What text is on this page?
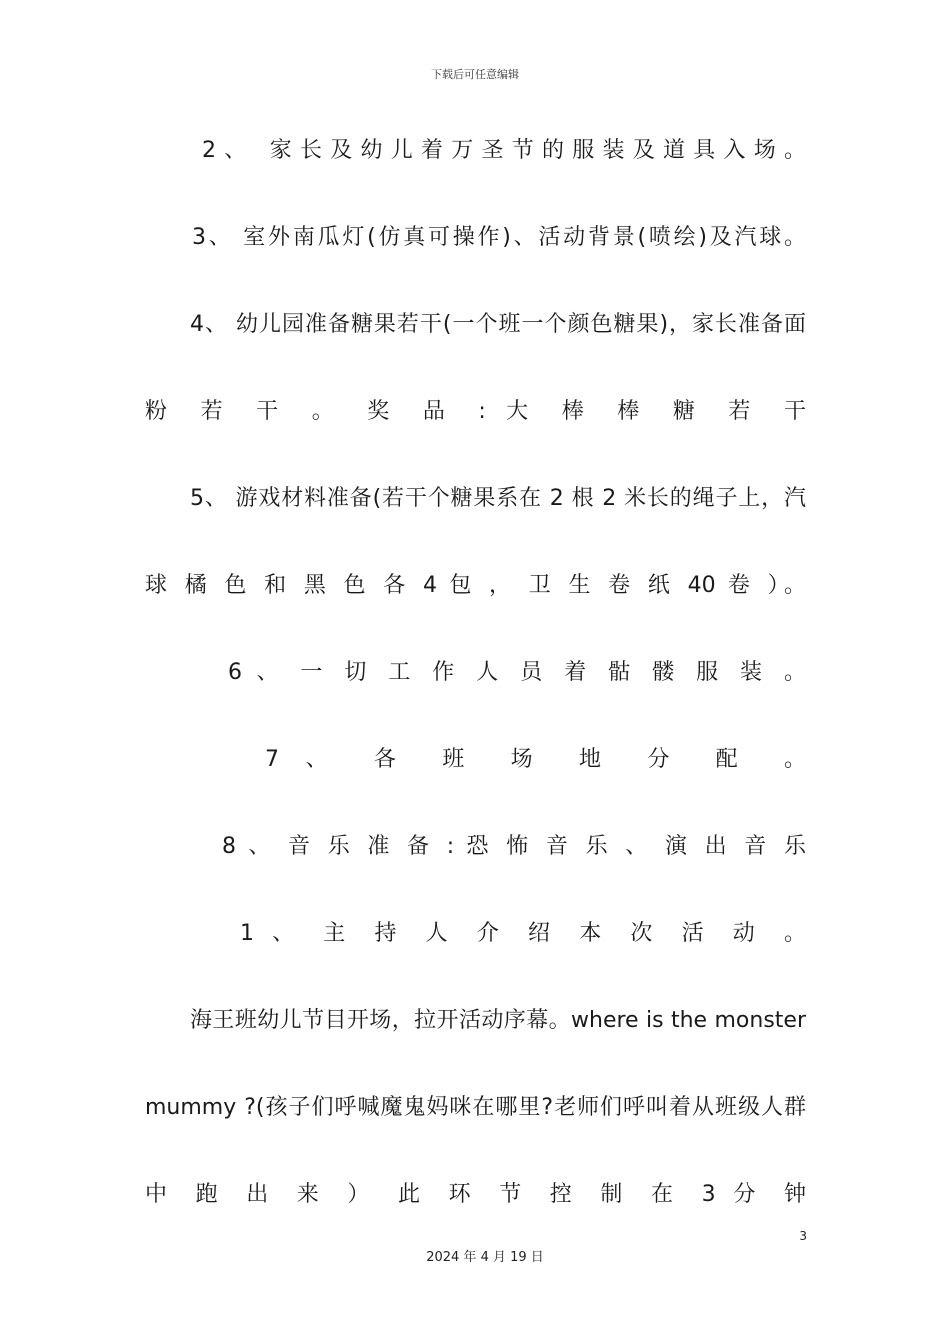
下载后可任意编辑
2、 家长及幼儿着万圣节的服装及道具入场。
3、 室外南瓜灯(仿真可操作)、活动背景(喷绘)及汽球。
4、 幼儿园准备糖果若干(一个班一个颜色糖果)，家长准备面
粉 若 干 。 奖 品 : 大 棒 棒 糖 若 干
5、 游戏材料准备(若干个糖果系在 2 根 2 米长的绳子上，汽
球 橘 色 和 黑 色 各 4 包 ， 卫 生 卷 纸 40 卷 ）。
6 、 一 切 工 作 人 员 着 骷 髅 服 装 。
7 、 各 班 场 地 分 配 。
8 、 音 乐 准 备 : 恐 怖 音 乐 、 演 出 音 乐
1 、 主 持 人 介 绍 本 次 活 动 。
海王班幼儿节目开场，拉开活动序幕。where is the monster
mummy ?(孩子们呼喊魔鬼妈咪在哪里?老师们呼叫着从班级人群
中 跑 出 来 ） 此 环 节 控 制 在 3 分 钟
3
2024 年 4 月 19 日
